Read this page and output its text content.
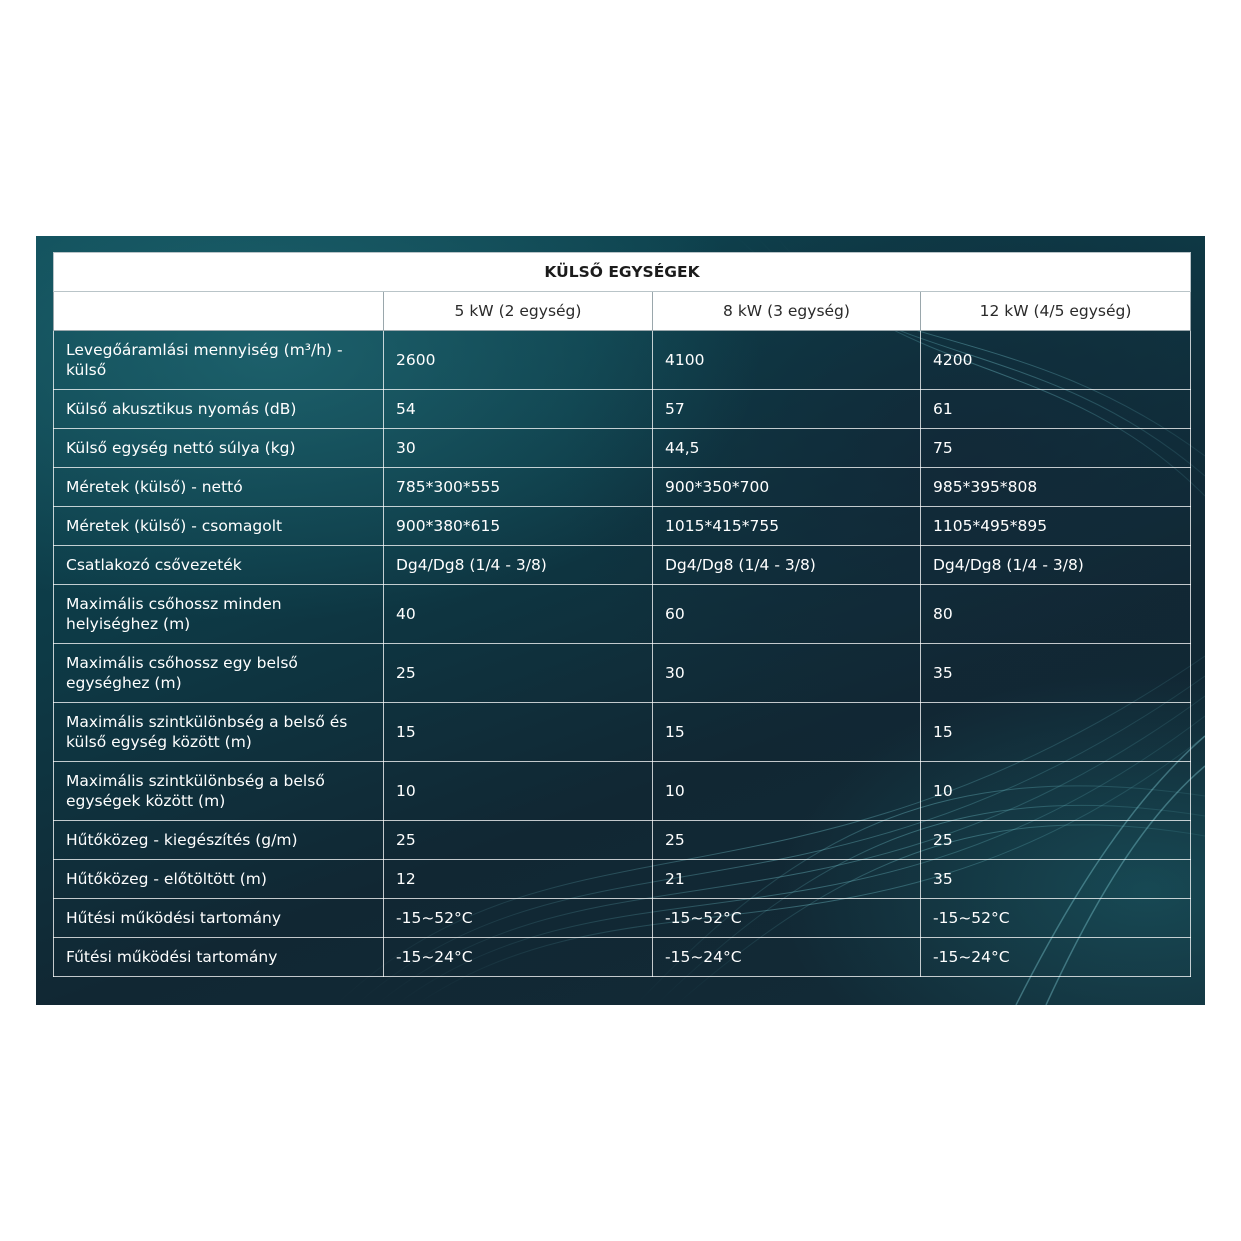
KÜLSŐ EGYSÉGEK			
	5 kW (2 egység)	8 kW (3 egység)	12 kW (4/5 egység)
Levegőáramlási mennyiség (m³/h) - külső	2600	4100	4200
Külső akusztikus nyomás (dB)	54	57	61
Külső egység nettó súlya (kg)	30	44,5	75
Méretek (külső) - nettó	785*300*555	900*350*700	985*395*808
Méretek (külső) - csomagolt	900*380*615	1015*415*755	1105*495*895
Csatlakozó csővezeték	Dg4/Dg8 (1/4 - 3/8)	Dg4/Dg8 (1/4 - 3/8)	Dg4/Dg8 (1/4 - 3/8)
Maximális csőhossz minden helyiséghez (m)	40	60	80
Maximális csőhossz egy belső egységhez (m)	25	30	35
Maximális szintkülönbség a belső és külső egység között (m)	15	15	15
Maximális szintkülönbség a belső egységek között (m)	10	10	10
Hűtőközeg - kiegészítés (g/m)	25	25	25
Hűtőközeg - előtöltött (m)	12	21	35
Hűtési működési tartomány	-15~52°C	-15~52°C	-15~52°C
Fűtési működési tartomány	-15~24°C	-15~24°C	-15~24°C
